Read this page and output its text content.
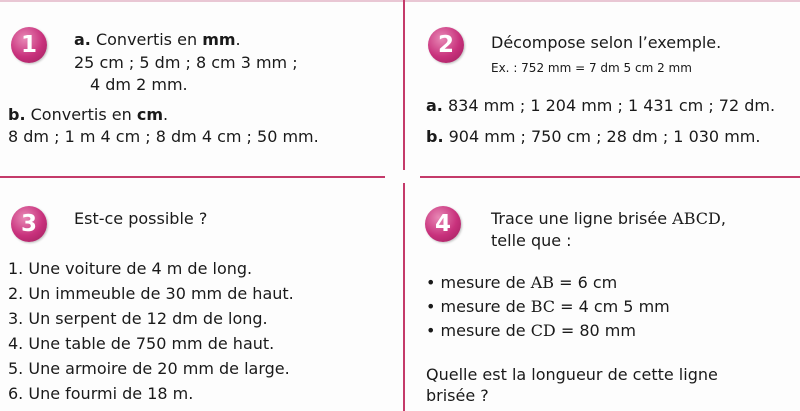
1 a. Convertis en mm.
25 cm ; 5 dm ; 8 cm 3 mm ;
4 dm 2 mm.
b. Convertis en cm.
8 dm ; 1 m 4 cm ; 8 dm 4 cm ; 50 mm.
2 Décompose selon l’exemple.
Ex. : 752 mm = 7 dm 5 cm 2 mm
a. 834 mm ; 1 204 mm ; 1 431 cm ; 72 dm.
b. 904 mm ; 750 cm ; 28 dm ; 1 030 mm.
3 Est-ce possible ?
1. Une voiture de 4 m de long.
2. Un immeuble de 30 mm de haut.
3. Un serpent de 12 dm de long.
4. Une table de 750 mm de haut.
5. Une armoire de 20 mm de large.
6. Une fourmi de 18 m.
4	Trace une ligne brisée ABCD,
telle que :
• mesure de AB = 6 cm
• mesure de BC = 4 cm 5 mm
• mesure de CD = 80 mm
Quelle est la longueur de cette ligne
brisée ?
